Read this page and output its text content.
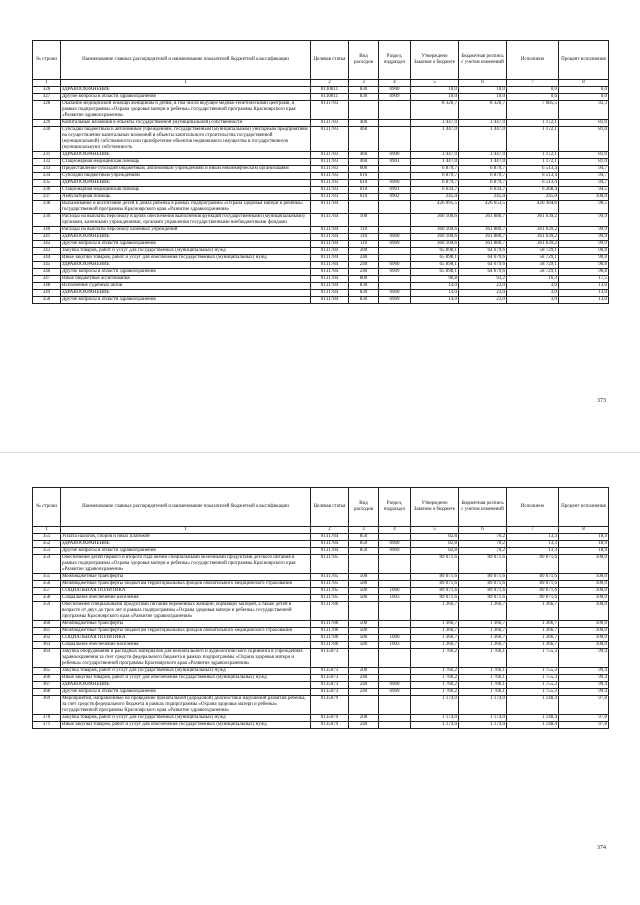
№ строки	Наименование главных распорядителей и наименование показателей бюджетной классификации	Целевая статья	Вид расходов	Раздел, подраздел	Утверждено Законом о бюджете	Бюджетная роспись с учетом изменений	Исполнено	Процент исполнения
1	1	2	3	4	5	6	7	8
326	ЗДРАВООХРАНЕНИЕ	0130811	830	0900	10,0	10,0	0,0	0,0
327	Другие вопросы в области здравоохранения	0130811	830	0909	10,0	10,0	0,0	0,0
328	Оказание медицинской помощи женщинам и детям, в том числе ведущее медико-генетическими центрами, в рамках подпрограммы «Охрана здоровья матери и ребенка» государственной программы Красноярского края «Развитие здравоохранения»	0131783			8 326,7	8 326,7	7 685,5	92,3
329	Капитальные вложения в объекты государственной (муниципальной) собственности	0131783	400		1 447,0	1 447,0	1 172,1	81,0
330	Субсидии бюджетным и автономным учреждениям, государственным (муниципальным) унитарным предприятиям на осуществление капитальных вложений в объекты капитального строительства государственной (муниципальной) собственности или приобретение объектов недвижимого имущества в государственную (муниципальную) собственность	0131783	460		1 447,0	1 447,0	1 172,1	81,0
331	ЗДРАВООХРАНЕНИЕ	0131783	460	0900	1 447,0	1 447,0	1 172,1	81,0
332	Стационарная медицинская помощь	0131783	460	0901	1 447,0	1 447,0	1 172,1	81,0
333	Предоставление субсидий бюджетным, автономным учреждениям и иным некоммерческим организациям	0131783	600		6 879,7	6 879,7	6 513,4	94,7
334	Субсидии бюджетным учреждениям	0131783	610		6 879,7	6 879,7	6 513,4	94,7
335	ЗДРАВООХРАНЕНИЕ	0131783	610	0900	6 879,7	6 879,7	6 513,4	94,7
336	Стационарная медицинская помощь	0131783	610	0901	6 634,7	6 634,7	6 268,4	94,5
337	Амбулаторная помощь	0131783	610	0902	245,0	245,0	245,0	100,0
338	Выхаживание и воспитание детей в домах ребенка в рамках подпрограммы «Охрана здоровья матери и ребенка» государственной программы Красноярского края «Развитие здравоохранения»	0131784			426 095,5	426 653,5	420 384,6	98,5
339	Расходы на выплаты персоналу в целях обеспечения выполнения функций государственными (муниципальными) органами, казенными учреждениями, органами управления государственными внебюджетными фондами	0131784	100		360 100,6	361 880,7	361 639,2	99,9
340	Расходы на выплаты персоналу казенных учреждений	0131784	110		360 100,6	361 880,7	361 639,2	99,9
341	ЗДРАВООХРАНЕНИЕ	0131784	110	0900	360 100,6	361 880,7	361 639,2	99,9
342	Другие вопросы в области здравоохранения	0131784	110	0909	360 100,6	361 880,7	361 639,2	99,9
343	Закупка товаров, работ и услуг для государственных (муниципальных) нужд	0131784	200		65 898,1	64 679,6	58 729,1	90,8
344	Иные закупки товаров, работ и услуг для обеспечения государственных (муниципальных) нужд	0131784	240		65 898,1	64 679,6	58 729,1	90,8
345	ЗДРАВООХРАНЕНИЕ	0131784	240	0900	65 898,1	64 679,6	58 729,1	90,8
346	Другие вопросы в области здравоохранения	0131784	240	0909	65 898,1	64 679,6	58 729,1	90,8
347	Иные бюджетные ассигнования	0131784	800		96,8	93,2	16,3	17,5
348	Исполнение судебных актов	0131784	830		14,0	23,0	3,0	13,0
349	ЗДРАВООХРАНЕНИЕ	0131784	830	0900	14,0	23,0	3,0	13,0
350	Другие вопросы в области здравоохранения	0131784	830	0909	14,0	23,0	3,0	13,0
373
№ строки	Наименование главных распорядителей и наименование показателей бюджетной классификации	Целевая статья	Вид расходов	Раздел, подраздел	Утверждено Законом о бюджете	Бюджетная роспись с учетом изменений	Исполнено	Процент исполнения
1	1	2	3	4	5	6	7	8
351	Уплата налогов, сборов и иных платежей	0131784	850		82,8	70,2	13,3	18,9
352	ЗДРАВООХРАНЕНИЕ	0131784	850	0900	82,8	70,2	13,3	18,9
353	Другие вопросы в области здравоохранения	0131784	850	0909	82,8	70,2	13,3	18,9
354	Обеспечение детей первого и второго года жизни специальными молочными продуктами детского питания в рамках подпрограммы «Охрана здоровья матери и ребенка» государственной программы Красноярского края «Развитие здравоохранения»	0131785			89 071,6	89 071,6	89 071,6	100,0
355	Межбюджетные трансферты	0131785	500		89 071,6	89 071,6	89 071,6	100,0
356	Межбюджетные трансферты бюджетам территориальных фондов обязательного медицинского страхования	0131785	580		89 071,6	89 071,6	89 071,6	100,0
357	СОЦИАЛЬНАЯ ПОЛИТИКА	0131785	580	1000	89 071,6	89 071,6	89 071,6	100,0
358	Социальное обеспечение населения	0131785	580	1003	89 071,6	89 071,6	89 071,6	100,0
359	Обеспечение специальными продуктами питания беременных женщин, кормящих матерей, а также детей в возрасте от двух до трех лет в рамках подпрограммы «Охрана здоровья матери и ребенка» государственной программы Красноярского края «Развитие здравоохранения»	0131786			1 366,7	1 366,7	1 366,7	100,0
360	Межбюджетные трансферты	0131786	500		1 366,7	1 366,7	1 366,7	100,0
361	Межбюджетные трансферты бюджетам территориальных фондов обязательного медицинского страхования	0131786	580		1 366,7	1 366,7	1 366,7	100,0
362	СОЦИАЛЬНАЯ ПОЛИТИКА	0131786	580	1000	1 366,7	1 366,7	1 366,7	100,0
363	Социальное обеспечение населения	0131786	580	1003	1 366,7	1 366,7	1 366,7	100,0
364	Закупка оборудования и расходных материалов для неонатального и аудиологического скрининга в учреждениях здравоохранения за счет средств федерального бюджета в рамках подпрограммы «Охрана здоровья матери и ребенка» государственной программы Красноярского края «Развитие здравоохранения»	0135073			1 766,2	1 766,1	1 755,3	99,4
365	Закупка товаров, работ и услуг для государственных (муниципальных) нужд	0135073	200		1 766,2	1 766,1	1 755,3	99,4
366	Иные закупки товаров, работ и услуг для обеспечения государственных (муниципальных) нужд	0135073	240		1 766,2	1 766,1	1 755,3	99,4
367	ЗДРАВООХРАНЕНИЕ	0135073	240	0900	1 766,2	1 766,1	1 755,3	99,4
368	Другие вопросы в области здравоохранения	0135073	240	0909	1 766,2	1 766,1	1 755,3	99,4
369	Мероприятия, направленные на проведение пренатальной (дородовой) диагностики нарушений развития ребенка, за счет средств федерального бюджета в рамках подпрограммы «Охрана здоровья матери и ребенка» государственной программы Красноярского края «Развитие здравоохранения»	0135079			1 174,0	1 174,0	1 148,4	97,8
370	Закупка товаров, работ и услуг для государственных (муниципальных) нужд	0135079	200		1 174,0	1 174,0	1 148,4	97,8
371	Иные закупки товаров, работ и услуг для обеспечения государственных (муниципальных) нужд	0135079	240		1 174,0	1 174,0	1 148,4	97,8
374
